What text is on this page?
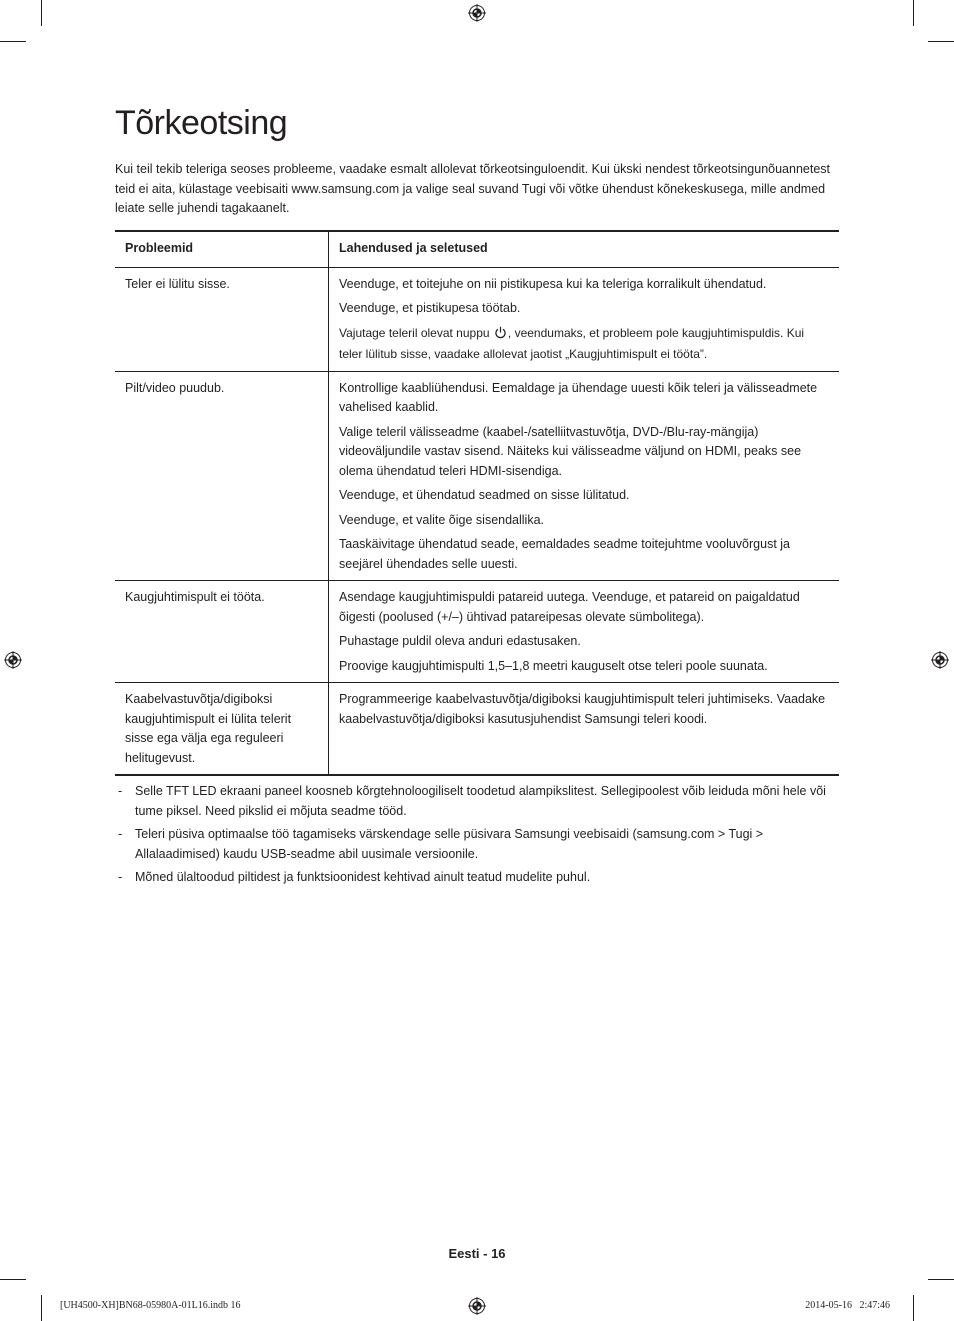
Tõrkeotsing

Kui teil tekib teleriga seoses probleeme, vaadake esmalt allolevat tõrkeotsinguloendit. Kui ükski nendest tõrkeotsingunõuannetest teid ei aita, külastage veebisaiti www.samsung.com ja valige seal suvand Tugi või võtke ühendust kõnekeskusega, mille andmed leiate selle juhendi tagakaanelt.

Probleemid	Lahendused ja seletused
Teler ei lülitu sisse.	Veenduge, et toitejuhe on nii pistikupesa kui ka teleriga korralikult ühendatud.

Veenduge, et pistikupesa töötab.

Vajutage teleril olevat nuppu , veendumaks, et probleem pole kaugjuhtimispuldis. Kui teler lülitub sisse, vaadake allolevat jaotist „Kaugjuhtimispult ei tööta”.

Pilt/video puudub.	Kontrollige kaabliühendusi. Eemaldage ja ühendage uuesti kõik teleri ja välisseadmete vahelised kaablid.

Valige teleril välisseadme (kaabel-/satelliitvastuvõtja, DVD-/Blu-ray-mängija) videoväljundile vastav sisend. Näiteks kui välisseadme väljund on HDMI, peaks see olema ühendatud teleri HDMI-sisendiga.

Veenduge, et ühendatud seadmed on sisse lülitatud.

Veenduge, et valite õige sisendallika.

Taaskäivitage ühendatud seade, eemaldades seadme toitejuhtme vooluvõrgust ja seejärel ühendades selle uuesti.

Kaugjuhtimispult ei tööta.	Asendage kaugjuhtimispuldi patareid uutega. Veenduge, et patareid on paigaldatud õigesti (poolused (+/–) ühtivad patareipesas olevate sümbolitega).

Puhastage puldil oleva anduri edastusaken.

Proovige kaugjuhtimispulti 1,5–1,8 meetri kauguselt otse teleri poole suunata.

Kaabelvastuvõtja/digiboksi kaugjuhtimispult ei lülita telerit sisse ega välja ega reguleeri helitugevust.	Programmeerige kaabelvastuvõtja/digiboksi kaugjuhtimispult teleri juhtimiseks. Vaadake kaabelvastuvõtja/digiboksi kasutusjuhendist Samsungi teleri koodi.

- Selle TFT LED ekraani paneel koosneb kõrgtehnoloogiliselt toodetud alampikslitest. Sellegipoolest võib leiduda mõni hele või tume piksel. Need pikslid ei mõjuta seadme tööd.
- Teleri püsiva optimaalse töö tagamiseks värskendage selle püsivara Samsungi veebisaidi (samsung.com > Tugi > Allalaadimised) kaudu USB-seadme abil uusimale versioonile.
- Mõned ülaltoodud piltidest ja funktsioonidest kehtivad ainult teatud mudelite puhul.
Eesti - 16
[UH4500-XH]BN68-05980A-01L16.indb 16	2014-05-16   2:47:46
